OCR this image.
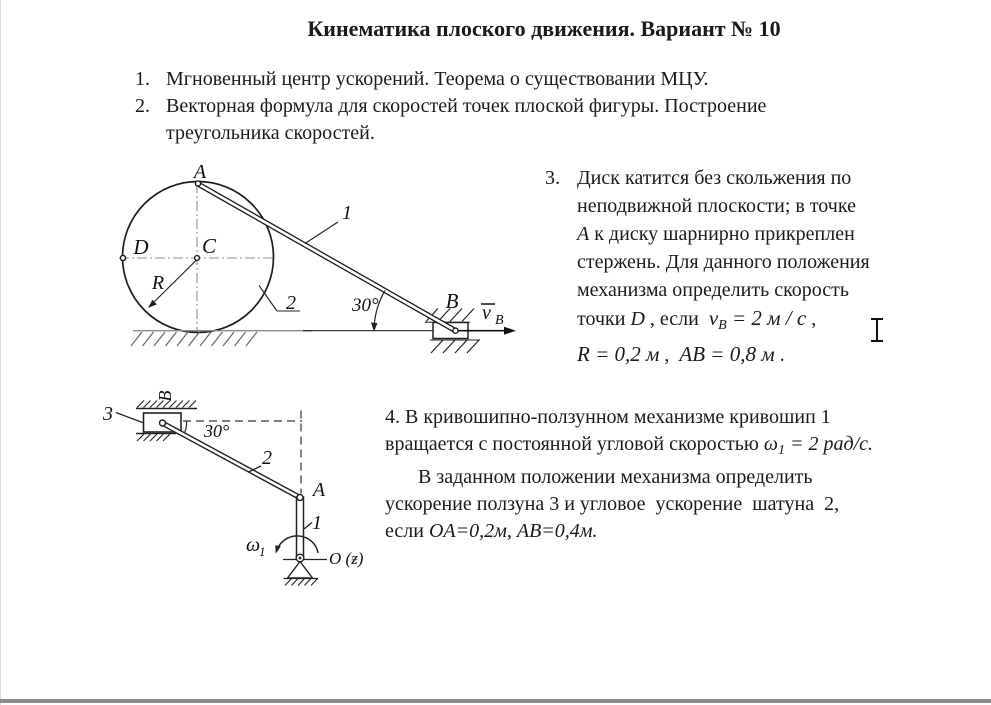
Кинематика плоского движения. Вариант № 10
1. Мгновенный центр ускорений. Теорема о существовании МЦУ.
2. Векторная формула для скоростей точек плоской фигуры. Построение
треугольника скоростей.
A
D	C
R
1
2	30°	B v B
B
3
30°
2
A
1
ω
1	O (ƶ)
3. Диск катится без скольжения по
неподвижной плоскости; в точке
A к диску шарнирно прикреплен
стержень. Для данного положения
механизма определить скорость
точки D , если  $v_B = 2$ м / с ,
R = 0,2 м ,  AB = 0,8 м .
4. В кривошипно-ползунном механизме кривошип 1
вращается с постоянной угловой скоростью $\omega_1 = 2$ рад/с.
В заданном положении механизма определить
ускорение ползуна 3 и угловое  ускорение  шатуна  2,
если OA=0,2м, AB=0,4м.
